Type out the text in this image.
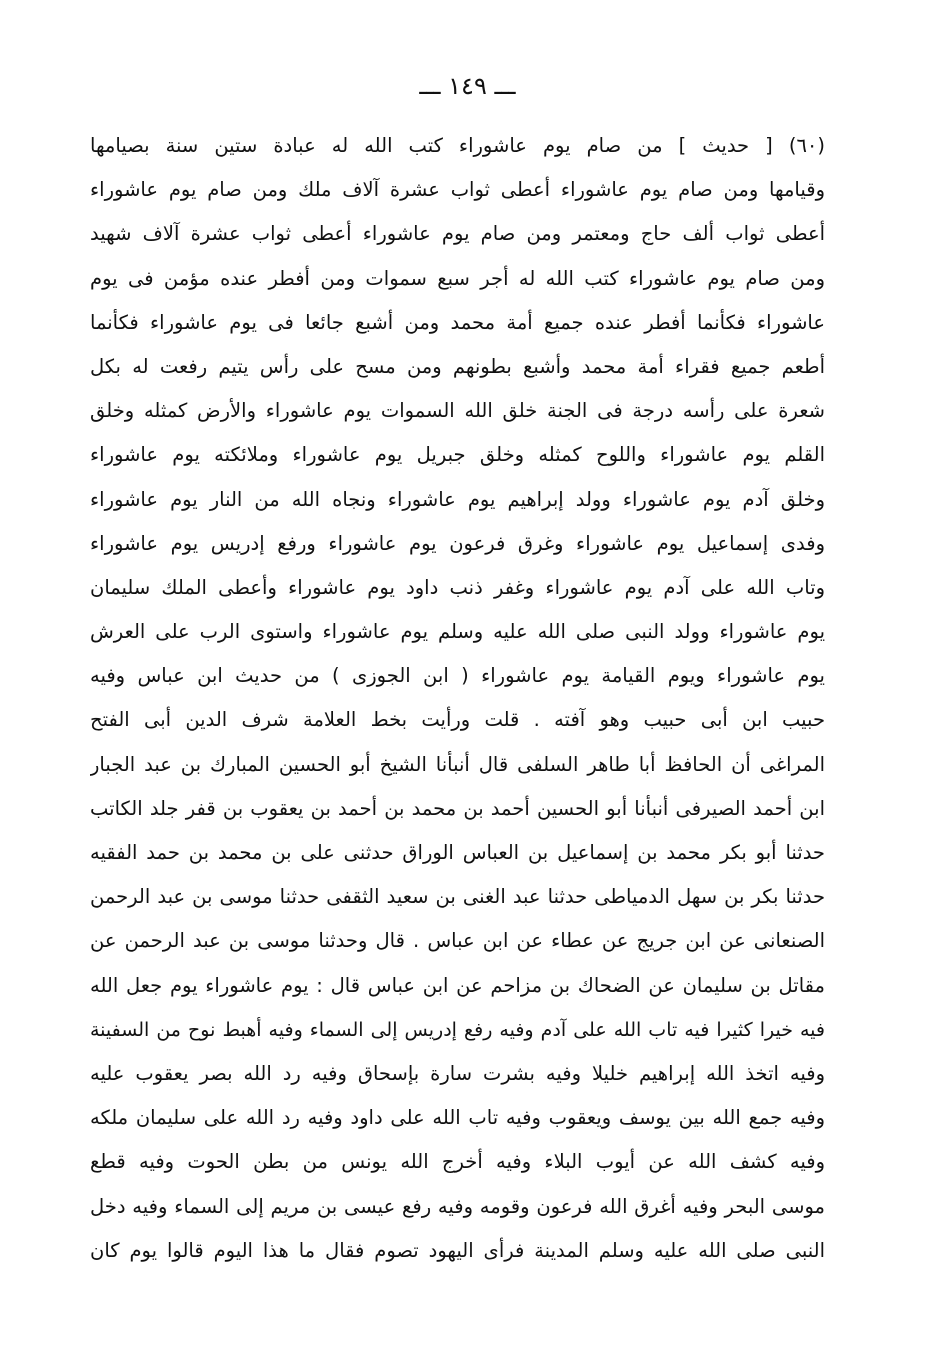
ـــ ١٤٩ ـــ
(٦٠) [ حديث ] من صام يوم عاشوراء كتب الله له عبادة ستين سنة بصيامها
وقيامها ومن صام يوم عاشوراء أعطى ثواب عشرة آلاف ملك ومن صام يوم عاشوراء
أعطى ثواب ألف حاج ومعتمر ومن صام يوم عاشوراء أعطى ثواب عشرة آلاف شهيد
ومن صام يوم عاشوراء كتب الله له أجر سبع سموات ومن أفطر عنده مؤمن فى يوم
عاشوراء فكأنما أفطر عنده جميع أمة محمد ومن أشبع جائعا فى يوم عاشوراء فكأنما
أطعم جميع فقراء أمة محمد وأشبع بطونهم ومن مسح على رأس يتيم رفعت له بكل
شعرة على رأسه درجة فى الجنة خلق الله السموات يوم عاشوراء والأرض كمثله وخلق
القلم يوم عاشوراء واللوح كمثله وخلق جبريل يوم عاشوراء وملائكته يوم عاشوراء
وخلق آدم يوم عاشوراء وولد إبراهيم يوم عاشوراء ونجاه الله من النار يوم عاشوراء
وفدى إسماعيل يوم عاشوراء وغرق فرعون يوم عاشوراء ورفع إدريس يوم عاشوراء
وتاب الله على آدم يوم عاشوراء وغفر ذنب داود يوم عاشوراء وأعطى الملك سليمان
يوم عاشوراء وولد النبى صلى الله عليه وسلم يوم عاشوراء واستوى الرب على العرش
يوم عاشوراء ويوم القيامة يوم عاشوراء ( ابن الجوزى ) من حديث ابن عباس وفيه
حبيب ابن أبى حبيب وهو آفته . قلت ورأيت بخط العلامة شرف الدين أبى الفتح
المراغى أن الحافظ أبا طاهر السلفى قال أنبأنا الشيخ أبو الحسين المبارك بن عبد الجبار
ابن أحمد الصيرفى أنبأنا أبو الحسين أحمد بن محمد بن أحمد بن يعقوب بن قفر جلد الكاتب
حدثنا أبو بكر محمد بن إسماعيل بن العباس الوراق حدثنى على بن محمد بن حمد الفقيه
حدثنا بكر بن سهل الدمياطى حدثنا عبد الغنى بن سعيد الثقفى حدثنا موسى بن عبد الرحمن
الصنعانى عن ابن جريج عن عطاء عن ابن عباس . قال وحدثنا موسى بن عبد الرحمن عن
مقاتل بن سليمان عن الضحاك بن مزاحم عن ابن عباس قال : يوم عاشوراء يوم جعل الله
فيه خيرا كثيرا فيه تاب الله على آدم وفيه رفع إدريس إلى السماء وفيه أهبط نوح من السفينة
وفيه اتخذ الله إبراهيم خليلا وفيه بشرت سارة بإسحاق وفيه رد الله بصر يعقوب عليه
وفيه جمع الله بين يوسف ويعقوب وفيه تاب الله على داود وفيه رد الله على سليمان ملكه
وفيه كشف الله عن أيوب البلاء وفيه أخرج الله يونس من بطن الحوت وفيه قطع
موسى البحر وفيه أغرق الله فرعون وقومه وفيه رفع عيسى بن مريم إلى السماء وفيه دخل
النبى صلى الله عليه وسلم المدينة فرأى اليهود تصوم فقال ما هذا اليوم قالوا يوم كان
